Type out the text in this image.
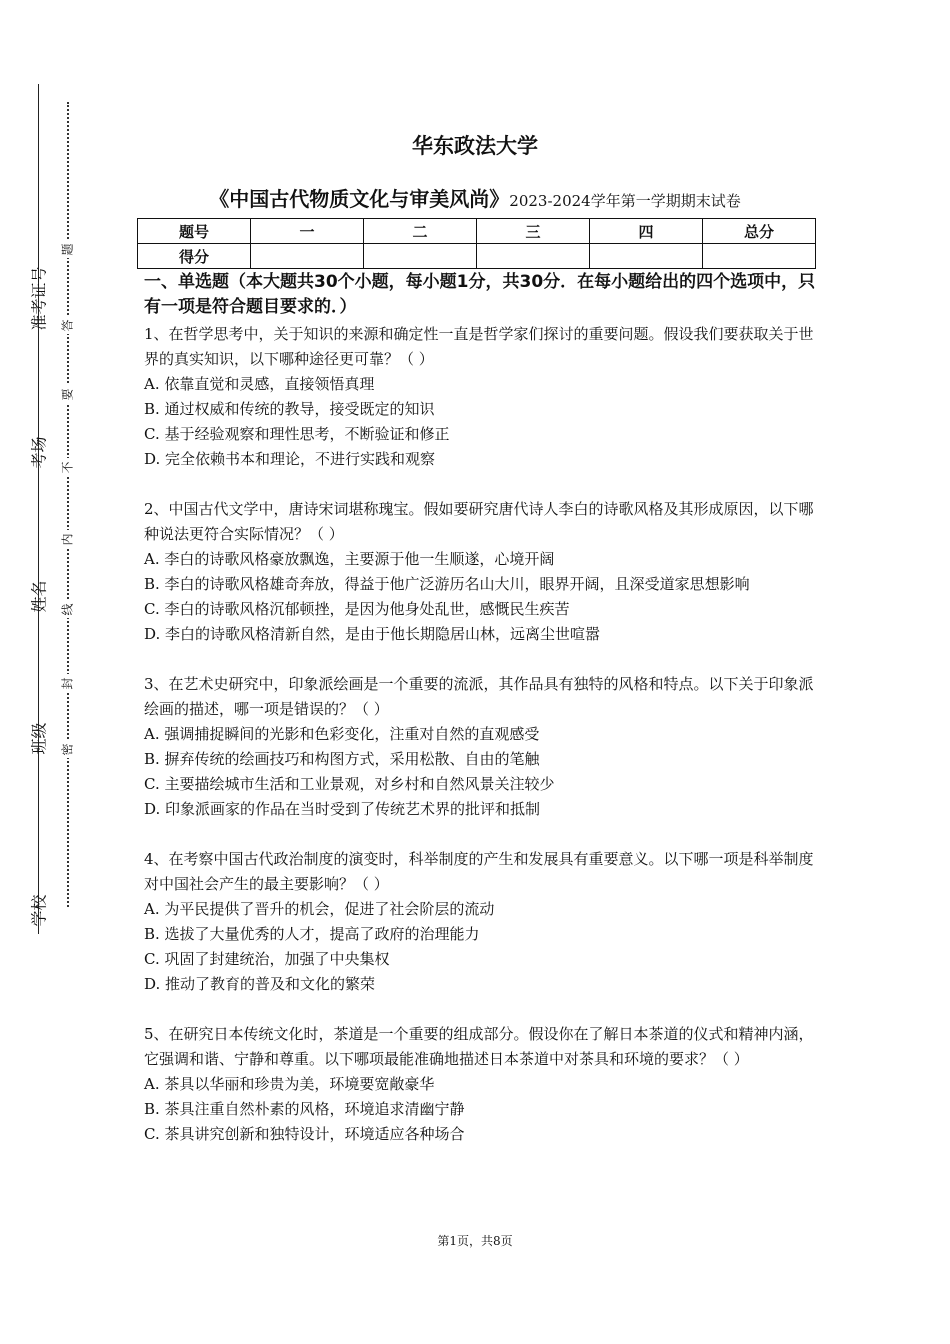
学校
班级
姓名
考场
准考证号
密
封
线
内
不
要
答
题
华东政法大学
《中国古代物质文化与审美风尚》2023-2024学年第一学期期末试卷
题号	一	二	三	四	总分
得分					
一、单选题（本大题共30个小题，每小题1分，共30分．在每小题给出的四个选项中，只有一项是符合题目要求的．）
1、在哲学思考中，关于知识的来源和确定性一直是哲学家们探讨的重要问题。假设我们要获取关于世界的真实知识，以下哪种途径更可靠？（ ）
A. 依靠直觉和灵感，直接领悟真理
B. 通过权威和传统的教导，接受既定的知识
C. 基于经验观察和理性思考，不断验证和修正
D. 完全依赖书本和理论，不进行实践和观察
2、中国古代文学中，唐诗宋词堪称瑰宝。假如要研究唐代诗人李白的诗歌风格及其形成原因，以下哪种说法更符合实际情况？（ ）
A. 李白的诗歌风格豪放飘逸，主要源于他一生顺遂，心境开阔
B. 李白的诗歌风格雄奇奔放，得益于他广泛游历名山大川，眼界开阔，且深受道家思想影响
C. 李白的诗歌风格沉郁顿挫，是因为他身处乱世，感慨民生疾苦
D. 李白的诗歌风格清新自然，是由于他长期隐居山林，远离尘世喧嚣
3、在艺术史研究中，印象派绘画是一个重要的流派，其作品具有独特的风格和特点。以下关于印象派绘画的描述，哪一项是错误的？（ ）
A. 强调捕捉瞬间的光影和色彩变化，注重对自然的直观感受
B. 摒弃传统的绘画技巧和构图方式，采用松散、自由的笔触
C. 主要描绘城市生活和工业景观，对乡村和自然风景关注较少
D. 印象派画家的作品在当时受到了传统艺术界的批评和抵制
4、在考察中国古代政治制度的演变时，科举制度的产生和发展具有重要意义。以下哪一项是科举制度对中国社会产生的最主要影响？（ ）
A. 为平民提供了晋升的机会，促进了社会阶层的流动
B. 选拔了大量优秀的人才，提高了政府的治理能力
C. 巩固了封建统治，加强了中央集权
D. 推动了教育的普及和文化的繁荣
5、在研究日本传统文化时，茶道是一个重要的组成部分。假设你在了解日本茶道的仪式和精神内涵，它强调和谐、宁静和尊重。以下哪项最能准确地描述日本茶道中对茶具和环境的要求？（ ）
A. 茶具以华丽和珍贵为美，环境要宽敞豪华
B. 茶具注重自然朴素的风格，环境追求清幽宁静
C. 茶具讲究创新和独特设计，环境适应各种场合
第1页，共8页
